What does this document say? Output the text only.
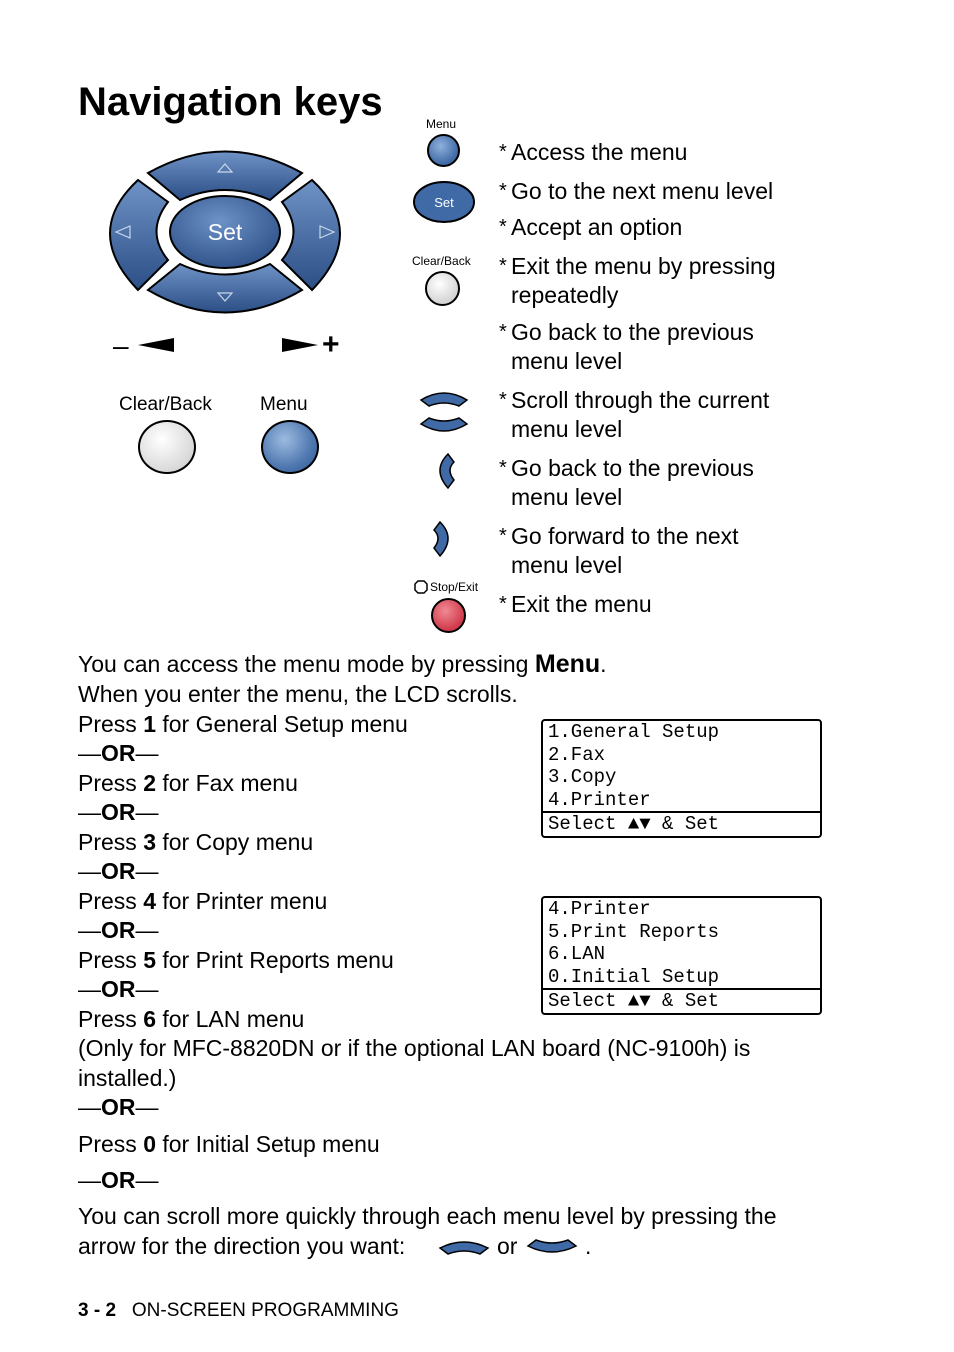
Navigation keys
Set
–	+
Clear/Back	Menu
Menu
Set
Clear/Back
Stop/Exit
* Access the menu
* Go to the next menu level
* Accept an option
* Exit the menu by pressing
repeatedly
* Go back to the previous
menu level
* Scroll through the current
menu level
* Go back to the previous
menu level
* Go forward to the next
menu level
* Exit the menu
You can access the menu mode by pressing Menu.
When you enter the menu, the LCD scrolls.
Press 1 for General Setup menu
—OR—
Press 2 for Fax menu
—OR—
Press 3 for Copy menu
—OR—
Press 4 for Printer menu
—OR—
Press 5 for Print Reports menu
—OR—
Press 6 for LAN menu
(Only for MFC-8820DN or if the optional LAN board (NC-9100h) is
installed.)
—OR—
Press 0 for Initial Setup menu
—OR—
You can scroll more quickly through each menu level by pressing the
arrow for the direction you want:	or	.
1.General Setup
2.Fax
3.Copy
4.Printer
Select ▲▼ & Set
4.Printer
5.Print Reports
6.LAN
0.Initial Setup
Select ▲▼ & Set
3 - 2 ON-SCREEN PROGRAMMING
